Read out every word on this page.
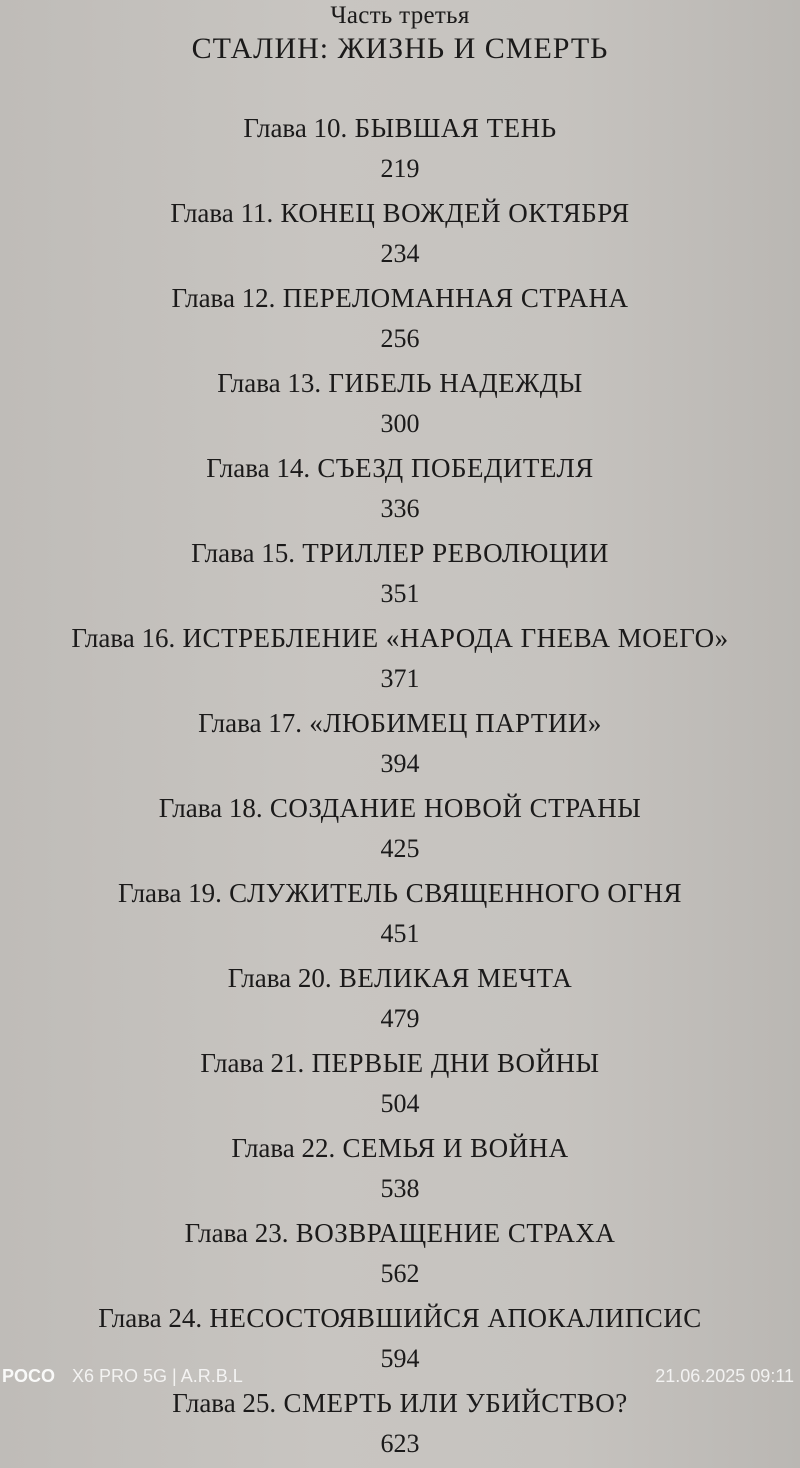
Часть третья
СТАЛИН: ЖИЗНЬ И СМЕРТЬ
Глава 10. БЫВШАЯ ТЕНЬ
219
Глава 11. КОНЕЦ ВОЖДЕЙ ОКТЯБРЯ
234
Глава 12. ПЕРЕЛОМАННАЯ СТРАНА
256
Глава 13. ГИБЕЛЬ НАДЕЖДЫ
300
Глава 14. СЪЕЗД ПОБЕДИТЕЛЯ
336
Глава 15. ТРИЛЛЕР РЕВОЛЮЦИИ
351
Глава 16. ИСТРЕБЛЕНИЕ «НАРОДА ГНЕВА МОЕГО»
371
Глава 17. «ЛЮБИМЕЦ ПАРТИИ»
394
Глава 18. СОЗДАНИЕ НОВОЙ СТРАНЫ
425
Глава 19. СЛУЖИТЕЛЬ СВЯЩЕННОГО ОГНЯ
451
Глава 20. ВЕЛИКАЯ МЕЧТА
479
Глава 21. ПЕРВЫЕ ДНИ ВОЙНЫ
504
Глава 22. СЕМЬЯ И ВОЙНА
538
Глава 23. ВОЗВРАЩЕНИЕ СТРАХА
562
Глава 24. НЕСОСТОЯВШИЙСЯ АПОКАЛИПСИС
594
Глава 25. СМЕРТЬ ИЛИ УБИЙСТВО?
623
POCO X6 PRO 5G | A.R.B.L	21.06.2025 09:11
